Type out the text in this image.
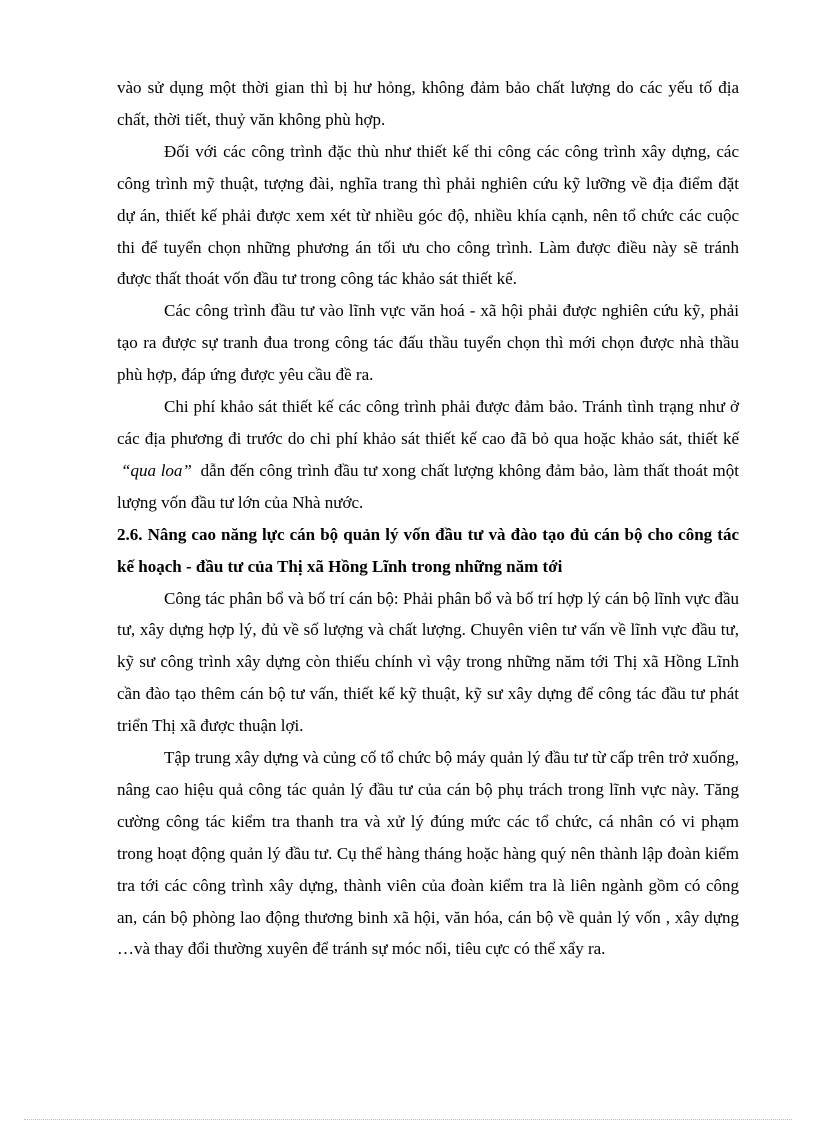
vào sử dụng một thời gian thì bị hư hỏng, không đảm bảo chất lượng do các yếu tố địa chất, thời tiết, thuỷ văn không phù hợp.

Đối với các công trình đặc thù như thiết kế thi công các công trình xây dựng, các công trình mỹ thuật, tượng đài, nghĩa trang thì phải nghiên cứu kỹ lưỡng về địa điểm đặt dự án, thiết kế phải được xem xét từ nhiều góc độ, nhiều khía cạnh, nên tổ chức các cuộc thi để tuyển chọn những phương án tối ưu cho công trình. Làm được điều này sẽ tránh được thất thoát vốn đầu tư trong công tác khảo sát thiết kế.

Các công trình đầu tư vào lĩnh vực văn hoá - xã hội phải được nghiên cứu kỹ, phải tạo ra được sự tranh đua trong công tác đấu thầu tuyển chọn thì mới chọn được nhà thầu phù hợp, đáp ứng được yêu cầu đề ra.

Chi phí khảo sát thiết kế các công trình phải được đảm bảo. Tránh tình trạng như ở các địa phương đi trước do chi phí khảo sát thiết kế cao đã bỏ qua hoặc khảo sát, thiết kế “qua loa” dẫn đến công trình đầu tư xong chất lượng không đảm bảo, làm thất thoát một lượng vốn đầu tư lớn của Nhà nước.

2.6. Nâng cao năng lực cán bộ quản lý vốn đầu tư và đào tạo đủ cán bộ cho công tác kế hoạch - đầu tư của Thị xã Hồng Lĩnh trong những năm tới

Công tác phân bổ và bố trí cán bộ: Phải phân bổ và bố trí hợp lý cán bộ lĩnh vực đầu tư, xây dựng hợp lý, đủ về số lượng và chất lượng. Chuyên viên tư vấn về lĩnh vực đầu tư, kỹ sư công trình xây dựng còn thiếu chính vì vậy trong những năm tới Thị xã Hồng Lĩnh cần đào tạo thêm cán bộ tư vấn, thiết kế kỹ thuật, kỹ sư xây dựng để công tác đầu tư phát triển Thị xã được thuận lợi.

Tập trung xây dựng và củng cố tổ chức bộ máy quản lý đầu tư từ cấp trên trở xuống, nâng cao hiệu quả công tác quản lý đầu tư của cán bộ phụ trách trong lĩnh vực này. Tăng cường công tác kiểm tra thanh tra và xử lý đúng mức các tổ chức, cá nhân có vi phạm trong hoạt động quản lý đầu tư. Cụ thể hàng tháng hoặc hàng quý nên thành lập đoàn kiểm tra tới các công trình xây dựng, thành viên của đoàn kiểm tra là liên ngành gồm có công an, cán bộ phòng lao động thương binh xã hội, văn hóa, cán bộ về quản lý vốn , xây dựng …và thay đổi thường xuyên để tránh sự móc nối, tiêu cực có thể xẩy ra.
